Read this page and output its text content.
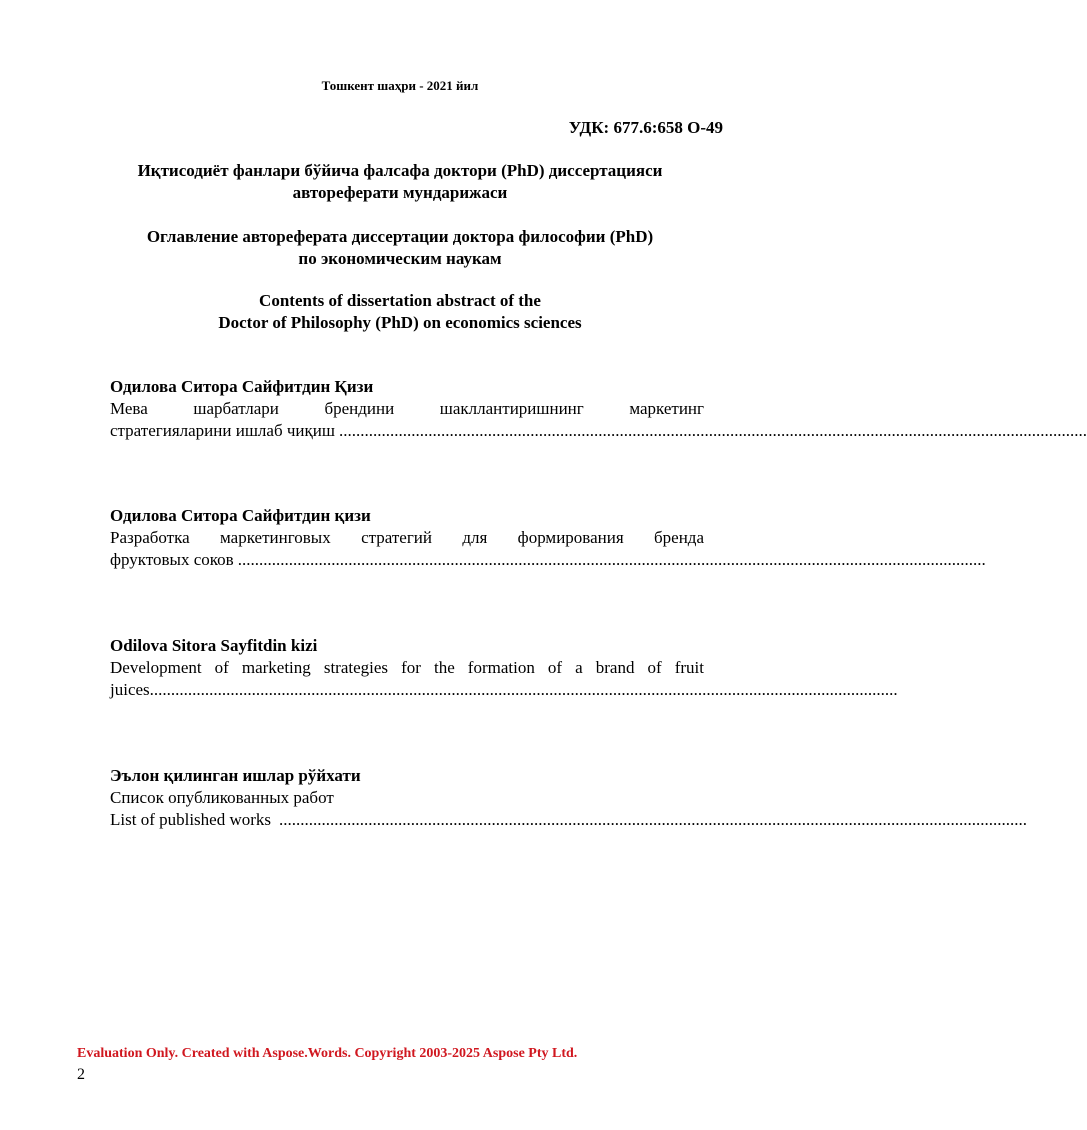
Тошкент шаҳри - 2021 йил
УДК: 677.6:658 О-49
Иқтисодиёт фанлари бўйича фалсафа доктори (PhD) диссертацияси
автореферати мундарижаси
Оглавление автореферата диссертации доктора философии (PhD)
по экономическим наукам
Contents of dissertation abstract of the
Doctor of Philosophy (PhD) on economics sciences
Одилова Ситора Сайфитдин Қизи
Мева шарбатлари брендини шакллантиришнинг маркетинг
стратегияларини ишлаб чиқиш ................................................................................................................................................................................
Одилова Ситора Сайфитдин қизи
Разработка маркетинговых стратегий для формирования бренда
фруктовых соков ................................................................................................................................................................................
Odilova Sitora Sayfitdin kizi
Development of marketing strategies for the formation of a brand of fruit
juices ................................................................................................................................................................................
Эълон қилинган ишлар рўйхати
Список опубликованных работ
List of published works ................................................................................................................................................................................
Evaluation Only. Created with Aspose.Words. Copyright 2003-2025 Aspose Pty Ltd.
2
